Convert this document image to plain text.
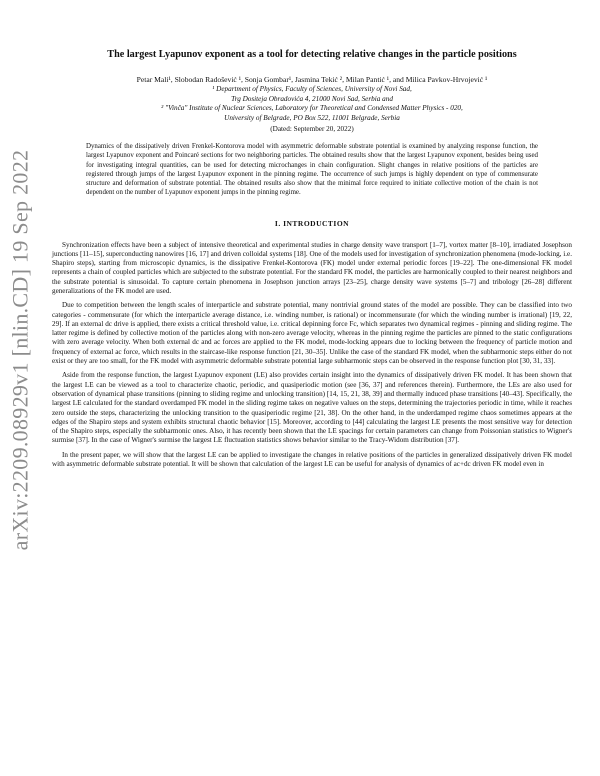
arXiv:2209.08929v1 [nlin.CD] 19 Sep 2022
The largest Lyapunov exponent as a tool for detecting relative changes in the particle positions
Petar Mali¹, Slobodan Radošević ¹, Sonja Gombar¹, Jasmina Tekić ², Milan Pantić ¹, and Milica Pavkov-Hrvojević ¹
¹ Department of Physics, Faculty of Sciences, University of Novi Sad,
Trg Dositeja Obradovića 4, 21000 Novi Sad, Serbia and
² "Vinča" Institute of Nuclear Sciences, Laboratory for Theoretical and Condensed Matter Physics - 020,
University of Belgrade, PO Box 522, 11001 Belgrade, Serbia
(Dated: September 20, 2022)
Dynamics of the dissipatively driven Frenkel-Kontorova model with asymmetric deformable substrate potential is examined by analyzing response function, the largest Lyapunov exponent and Poincaré sections for two neighboring particles. The obtained results show that the largest Lyapunov exponent, besides being used for investigating integral quantities, can be used for detecting microchanges in chain configuration. Slight changes in relative positions of the particles are registered through jumps of the largest Lyapunov exponent in the pinning regime. The occurrence of such jumps is highly dependent on type of commensurate structure and deformation of substrate potential. The obtained results also show that the minimal force required to initiate collective motion of the chain is not dependent on the number of Lyapunov exponent jumps in the pinning regime.
I. INTRODUCTION

Synchronization effects have been a subject of intensive theoretical and experimental studies in charge density wave transport [1–7], vortex matter [8–10], irradiated Josephson junctions [11–15], superconducting nanowires [16, 17] and driven colloidal systems [18]. One of the models used for investigation of synchronization phenomena (mode-locking, i.e. Shapiro steps), starting from microscopic dynamics, is the dissipative Frenkel-Kontorova (FK) model under external periodic forces [19–22]. The one-dimensional FK model represents a chain of coupled particles which are subjected to the substrate potential. For the standard FK model, the particles are harmonically coupled to their nearest neighbors and the substrate potential is sinusoidal. To capture certain phenomena in Josephson junction arrays [23–25], charge density wave systems [5–7] and tribology [26–28] different generalizations of the FK model are used.

Due to competition between the length scales of interparticle and substrate potential, many nontrivial ground states of the model are possible. They can be classified into two categories - commensurate (for which the interparticle average distance, i.e. winding number, is rational) or incommensurate (for which the winding number is irrational) [19, 22, 29]. If an external dc drive is applied, there exists a critical threshold value, i.e. critical depinning force Fc, which separates two dynamical regimes - pinning and sliding regime. The latter regime is defined by collective motion of the particles along with non-zero average velocity, whereas in the pinning regime the particles are pinned to the static configurations with zero average velocity. When both external dc and ac forces are applied to the FK model, mode-locking appears due to locking between the frequency of particle motion and frequency of external ac force, which results in the staircase-like response function [21, 30–35]. Unlike the case of the standard FK model, when the subharmonic steps either do not exist or they are too small, for the FK model with asymmetric deformable substrate potential large subharmonic steps can be observed in the response function plot [30, 31, 33].

Aside from the response function, the largest Lyapunov exponent (LE) also provides certain insight into the dynamics of dissipatively driven FK model. It has been shown that the largest LE can be viewed as a tool to characterize chaotic, periodic, and quasiperiodic motion (see [36, 37] and references therein). Furthermore, the LEs are also used for observation of dynamical phase transitions (pinning to sliding regime and unlocking transition) [14, 15, 21, 38, 39] and thermally induced phase transitions [40–43]. Specifically, the largest LE calculated for the standard overdamped FK model in the sliding regime takes on negative values on the steps, determining the trajectories periodic in time, while it reaches zero outside the steps, characterizing the unlocking transition to the quasiperiodic regime [21, 38]. On the other hand, in the underdamped regime chaos sometimes appears at the edges of the Shapiro steps and system exhibits structural chaotic behavior [15]. Moreover, according to [44] calculating the largest LE presents the most sensitive way for detection of the Shapiro steps, especially the subharmonic ones. Also, it has recently been shown that the LE spacings for certain parameters can change from Poissonian statistics to Wigner's surmise [37]. In the case of Wigner's surmise the largest LE fluctuation statistics shows behavior similar to the Tracy-Widom distribution [37].

In the present paper, we will show that the largest LE can be applied to investigate the changes in relative positions of the particles in generalized dissipatively driven FK model with asymmetric deformable substrate potential. It will be shown that calculation of the largest LE can be useful for analysis of dynamics of ac+dc driven FK model even in
